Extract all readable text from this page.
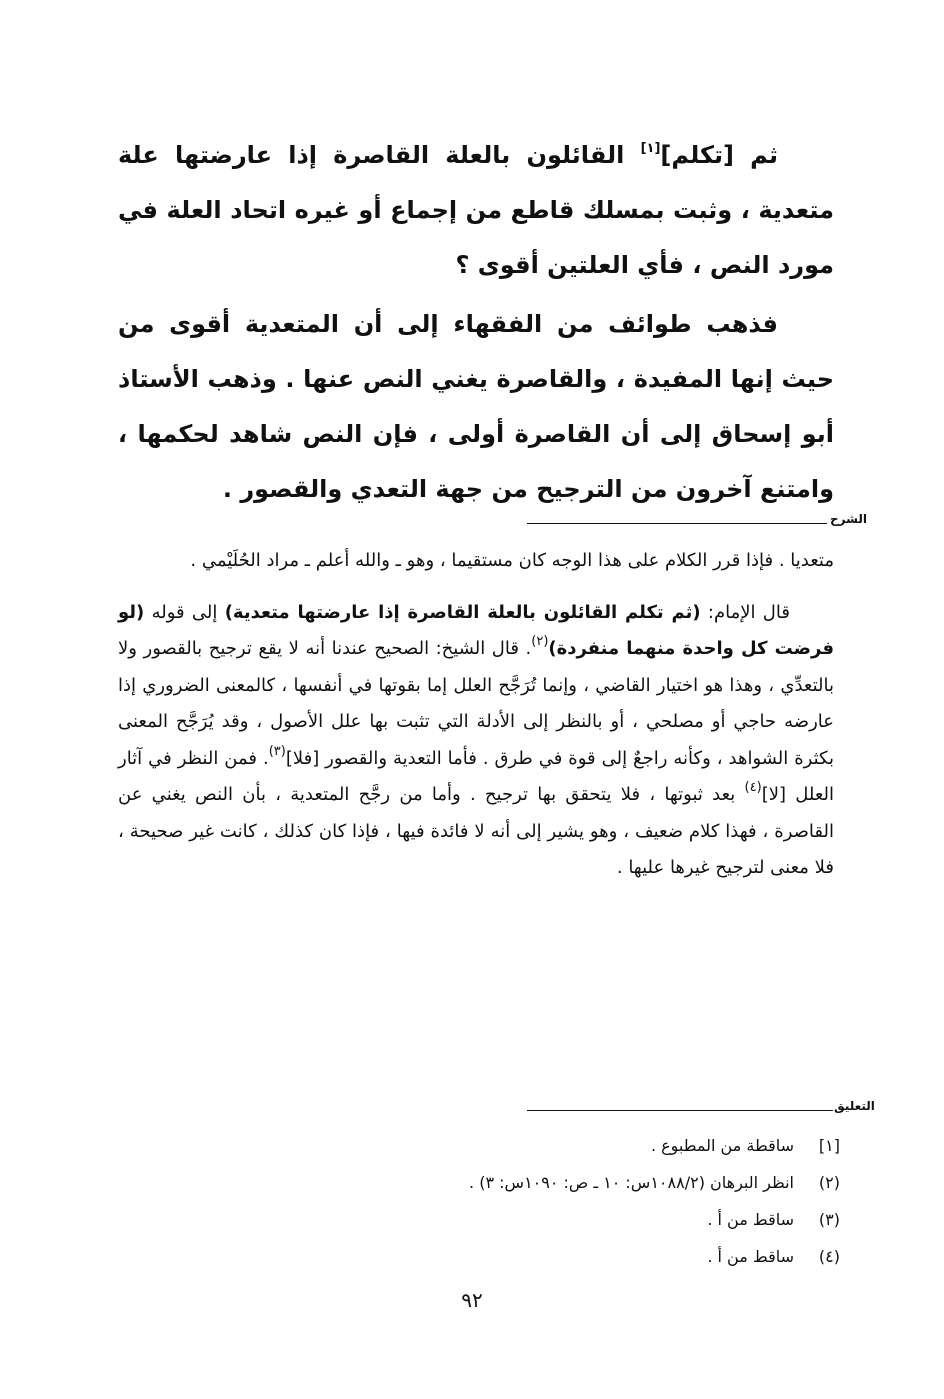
ثم [تكلم][١] القائلون بالعلة القاصرة إذا عارضتها علة متعدية ، وثبت بمسلك قاطع من إجماع أو غيره اتحاد العلة في مورد النص ، فأي العلتين أقوى ؟

فذهب طوائف من الفقهاء إلى أن المتعدية أقوى من حيث إنها المفيدة ، والقاصرة يغني النص عنها . وذهب الأستاذ أبو إسحاق إلى أن القاصرة أولى ، فإن النص شاهد لحكمها ، وامتنع آخرون من الترجيح من جهة التعدي والقصور .

الشرح

متعديا . فإذا قرر الكلام على هذا الوجه كان مستقيما ، وهو ـ والله أعلم ـ مراد الحُلَيْمي .

قال الإمام: (ثم تكلم القائلون بالعلة القاصرة إذا عارضتها متعدية) إلى قوله (لو فرضت كل واحدة منهما منفردة)$^{(٢)}$. قال الشيخ: الصحيح عندنا أنه لا يقع ترجيح بالقصور ولا بالتعدِّي ، وهذا هو اختيار القاضي ، وإنما تُرَجَّح العلل إما بقوتها في أنفسها ، كالمعنى الضروري إذا عارضه حاجي أو مصلحي ، أو بالنظر إلى الأدلة التي تثبت بها علل الأصول ، وقد يُرَجَّح المعنى بكثرة الشواهد ، وكأنه راجعٌ إلى قوة في طرق . فأما التعدية والقصور [فلا]$^{(٣)}$. فمن النظر في آثار العلل [لا]$^{(٤)}$ بعد ثبوتها ، فلا يتحقق بها ترجيح . وأما من رجَّح المتعدية ، بأن النص يغني عن القاصرة ، فهذا كلام ضعيف ، وهو يشير إلى أنه لا فائدة فيها ، فإذا كان كذلك ، كانت غير صحيحة ، فلا معنى لترجيح غيرها عليها .

التعليق
[١]
ساقطة من المطبوع .
(٢)
انظر البرهان (١٠٨٨/٢س: ١٠ ـ ص: ١٠٩٠س: ٣) .
(٣)
ساقط من أ .
(٤)
ساقط من أ .
٩٢
